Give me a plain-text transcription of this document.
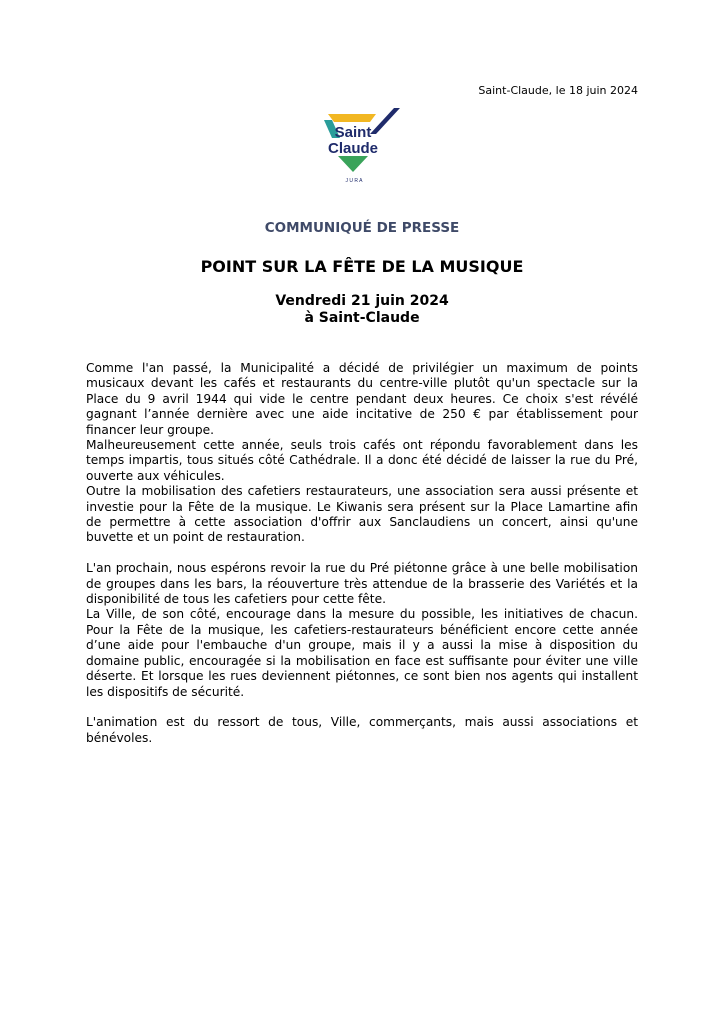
Saint-Claude, le 18 juin 2024
Saint
Claude
J U R A
COMMUNIQUÉ DE PRESSE
POINT SUR LA FÊTE DE LA MUSIQUE
Vendredi 21 juin 2024
à Saint-Claude

Comme l'an passé, la Municipalité a décidé de privilégier un maximum de points musicaux devant les cafés et restaurants du centre-ville plutôt qu'un spectacle sur la Place du 9 avril 1944 qui vide le centre pendant deux heures. Ce choix s'est révélé gagnant l’année dernière avec une aide incitative de 250 € par établissement pour financer leur groupe.

Malheureusement cette année, seuls trois cafés ont répondu favorablement dans les temps impartis, tous situés côté Cathédrale. Il a donc été décidé de laisser la rue du Pré, ouverte aux véhicules.

Outre la mobilisation des cafetiers restaurateurs, une association sera aussi présente et investie pour la Fête de la musique. Le Kiwanis sera présent sur la Place Lamartine afin de permettre à cette association d'offrir aux Sanclaudiens un concert, ainsi qu'une buvette et un point de restauration.

L'an prochain, nous espérons revoir la rue du Pré piétonne grâce à une belle mobilisation de groupes dans les bars, la réouverture très attendue de la brasserie des Variétés et la disponibilité de tous les cafetiers pour cette fête.

La Ville, de son côté, encourage dans la mesure du possible, les initiatives de chacun. Pour la Fête de la musique, les cafetiers-restaurateurs bénéficient encore cette année d’une aide pour l'embauche d'un groupe, mais il y a aussi la mise à disposition du domaine public, encouragée si la mobilisation en face est suffisante pour éviter une ville déserte. Et lorsque les rues deviennent piétonnes, ce sont bien nos agents qui installent les dispositifs de sécurité.

L'animation est du ressort de tous, Ville, commerçants, mais aussi associations et bénévoles.
